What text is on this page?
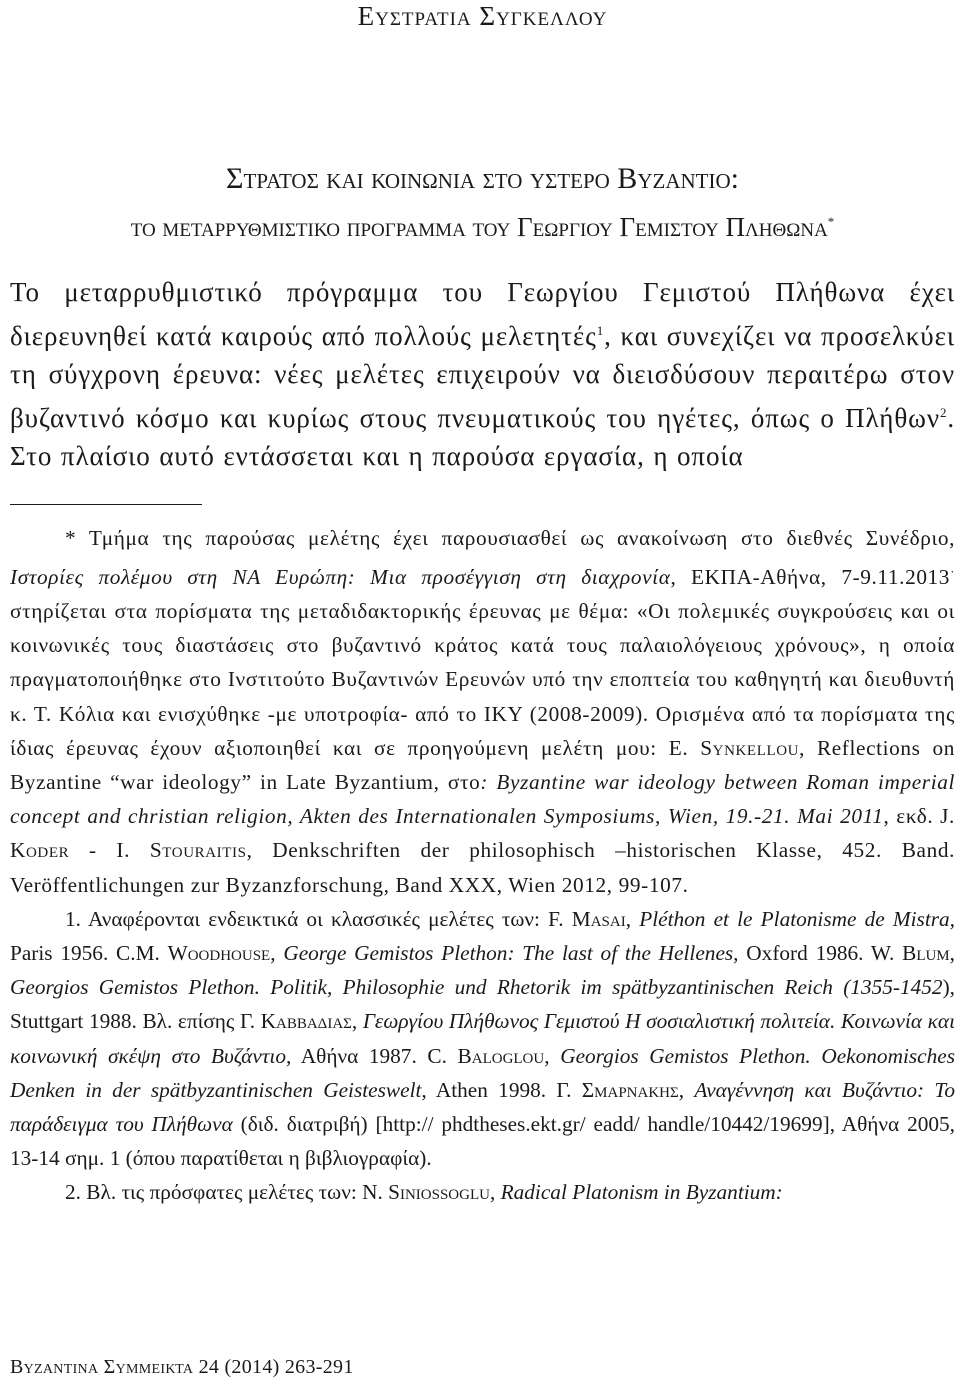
Ευστρατια Συγκελλου
Στρατος και κοινωνια στο υστερο Βυζαντιο:
το μεταρρυθμιστικο προγραμμα του Γεωργιου Γεμιστου Πληθωνα*

Το μεταρρυθμιστικό πρόγραμμα του Γεωργίου Γεμιστού Πλήθωνα έχει διερευνηθεί κατά καιρούς από πολλούς μελετητές$^1$, και συνεχίζει να προσελκύει τη σύγχρονη έρευνα: νέες μελέτες επιχειρούν να διεισδύσουν περαιτέρω στον βυζαντινό κόσμο και κυρίως στους πνευματικούς του ηγέτες, όπως ο Πλήθων$^2$. Στο πλαίσιο αυτό εντάσσεται και η παρούσα εργασία, η οποία

* Τμήμα της παρούσας μελέτης έχει παρουσιασθεί ως ανακοίνωση στο διεθνές Συνέδριο, Ιστορίες πολέμου στη ΝΑ Ευρώπη: Μια προσέγγιση στη διαχρονία, ΕΚΠΑ-Αθήνα, 7-9.11.2013· στηρίζεται στα πορίσματα της μεταδιδακτορικής έρευνας με θέμα: «Οι πολεμικές συγκρούσεις και οι κοινωνικές τους διαστάσεις στο βυζαντινό κράτος κατά τους παλαιολόγειους χρόνους», η οποία πραγματοποιήθηκε στο Ινστιτούτο Βυζαντινών Ερευνών υπό την εποπτεία του καθηγητή και διευθυντή κ. Τ. Κόλια και ενισχύθηκε -με υποτροφία- από το ΙΚΥ (2008-2009). Ορισμένα από τα πορίσματα της ίδιας έρευνας έχουν αξιοποιηθεί και σε προηγούμενη μελέτη μου: Ε. Synkellou, Reflections on Byzantine “war ideology” in Late Byzantium, στο: Byzantine war ideology between Roman imperial concept and christian religion, Akten des Internationalen Symposiums, Wien, 19.-21. Mai 2011, εκδ. J. Koder - I. Stouraitis, Denkschriften der philosophisch –historischen Klasse, 452. Band. Veröffentlichungen zur Byzanzforschung, Band XXX, Wien 2012, 99-107.

1. Αναφέρονται ενδεικτικά οι κλασσικές μελέτες των: F. Masai, Pléthon et le Platonisme de Mistra, Paris 1956. C.M. Woodhouse, George Gemistos Plethon: The last of the Hellenes, Oxford 1986. W. Blum, Georgios Gemistos Plethon. Politik, Philosophie und Rhetorik im spätbyzantinischen Reich (1355-1452), Stuttgart 1988. Βλ. επίσης Γ. Καββαδιας, Γεωργίου Πλήθωνος Γεμιστού Η σοσιαλιστική πολιτεία. Κοινωνία και κοινωνική σκέψη στο Βυζάντιο, Αθήνα 1987. C. Baloglou, Georgios Gemistos Plethon. Oekonomisches Denken in der spätbyzantinischen Geisteswelt, Athen 1998. Γ. Σμαρνακης, Αναγέννηση και Βυζάντιο: Το παράδειγμα του Πλήθωνα (διδ. διατριβή) [http:// phdtheses.ekt.gr/ eadd/ handle/10442/19699], Αθήνα 2005, 13-14 σημ. 1 (όπου παρατίθεται η βιβλιογραφία).

2. Βλ. τις πρόσφατες μελέτες των: N. Siniossoglu, Radical Platonism in Byzantium:

Βυζαντινα Συμμεικτα 24 (2014) 263-291
